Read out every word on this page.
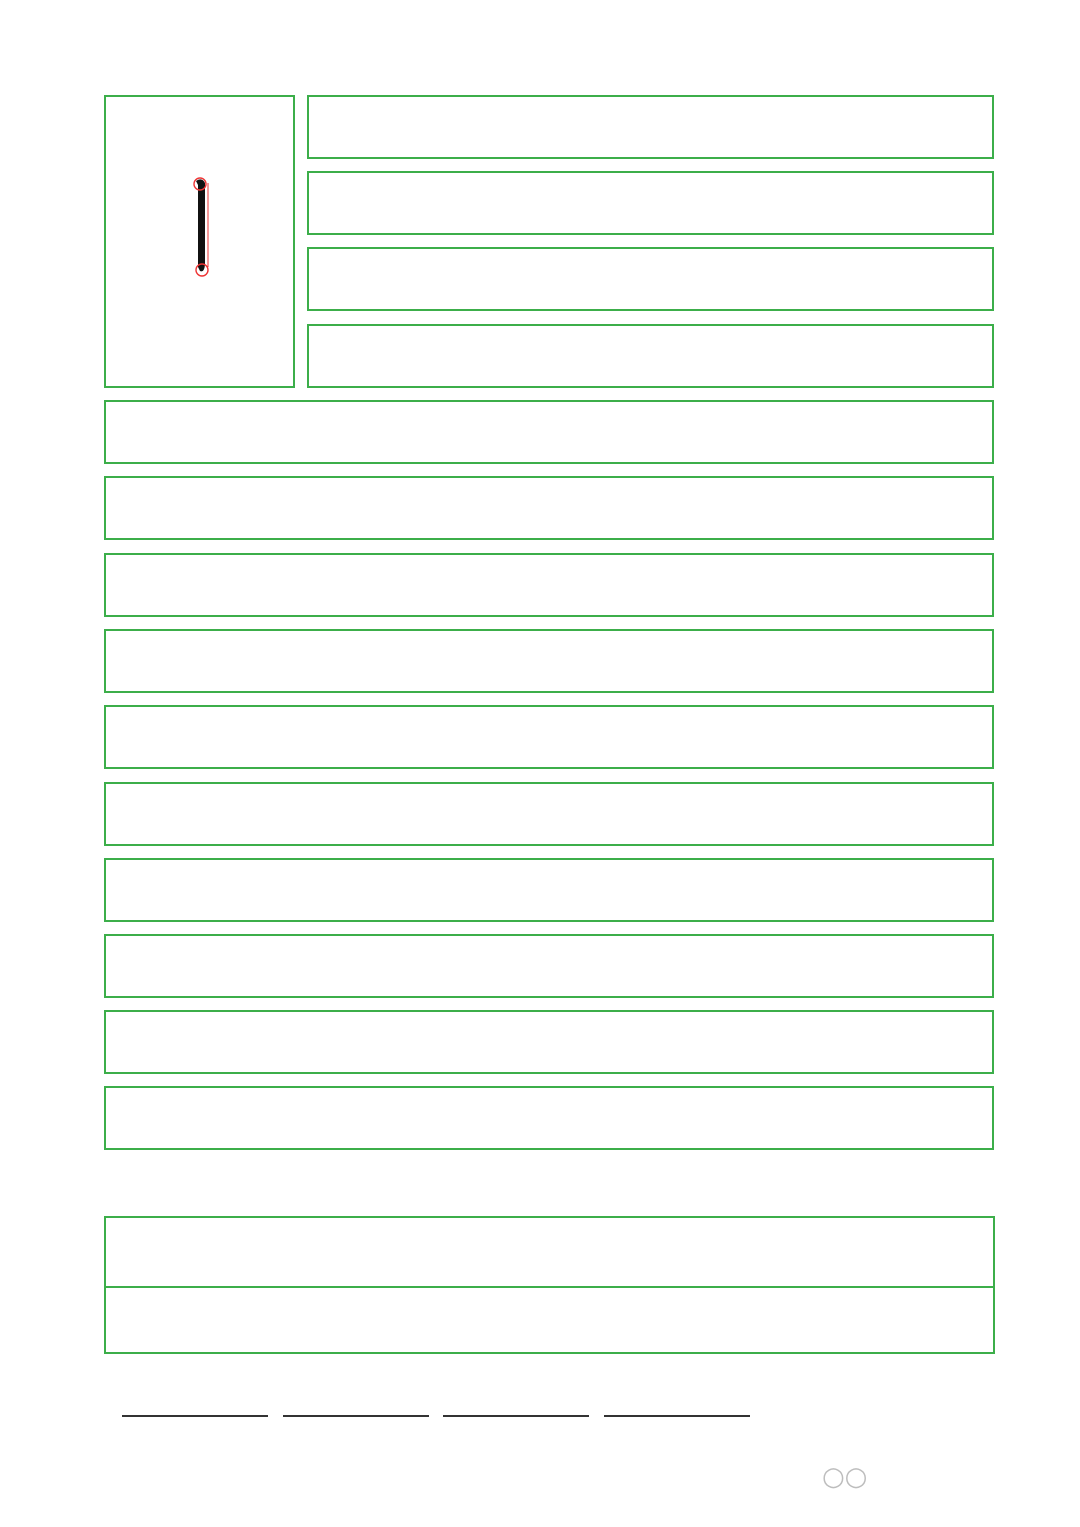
○○
